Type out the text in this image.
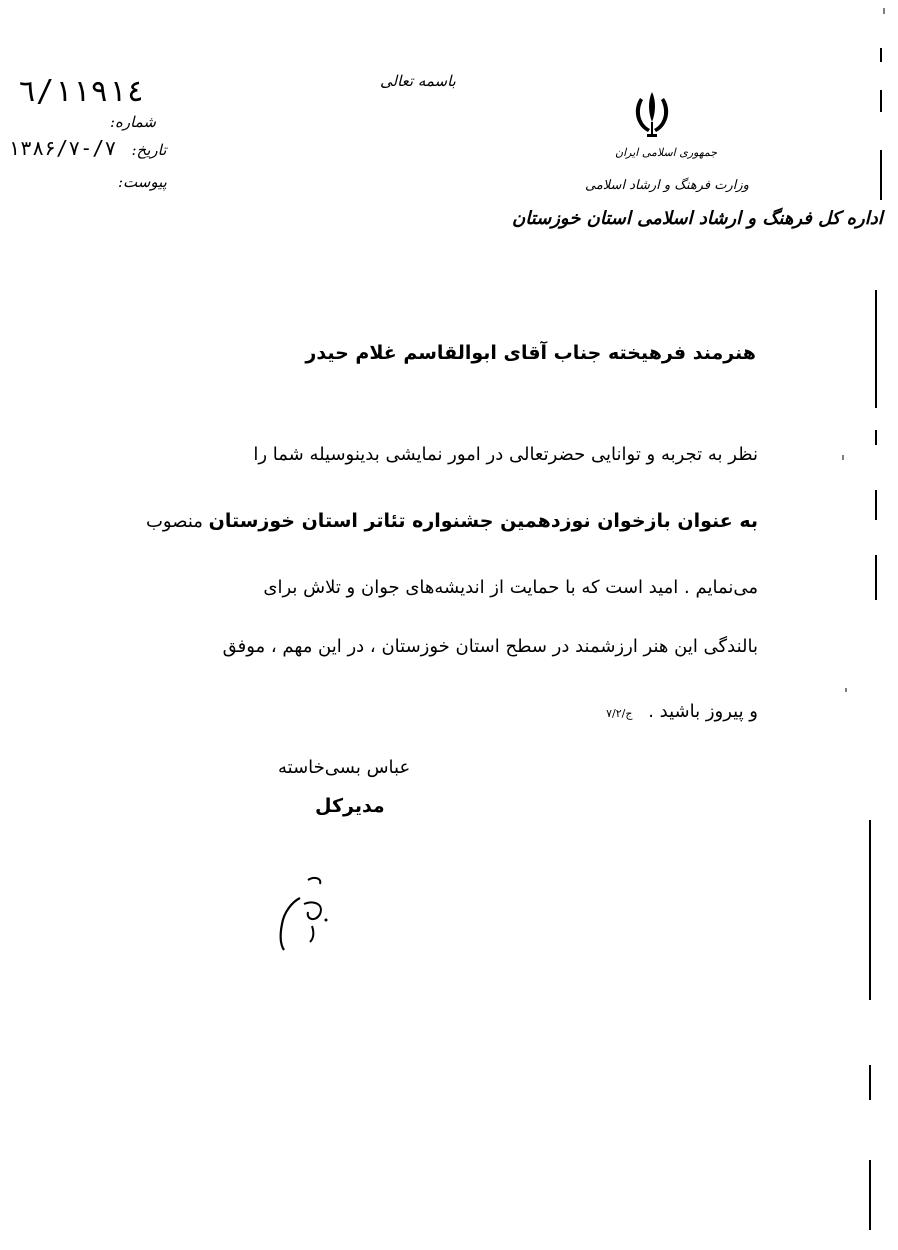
٦/١١٩١٤
شماره:
١٣٨۶/٧/-٧ تاریخ:
پیوست:
باسمه تعالی
جمهوری اسلامی ایران
وزارت فرهنگ و ارشاد اسلامی
اداره کل فرهنگ و ارشاد اسلامی استان خوزستان
هنرمند فرهیخته جناب آقای ابوالقاسم غلام حیدر
نظر به تجربه و توانایی حضرتعالی در امور نمایشی بدینوسیله شما را
به عنوان بازخوان نوزدهمین جشنواره تئاتر استان خوزستان منصوب
می‌نمایم . امید است که با حمایت از اندیشه‌های جوان و تلاش برای
بالندگی این هنر ارزشمند در سطح استان خوزستان ، در این مهم ، موفق
و پیروز باشید . ج/٧/٢
عباس بسی‌خاسته
مدیرکل
